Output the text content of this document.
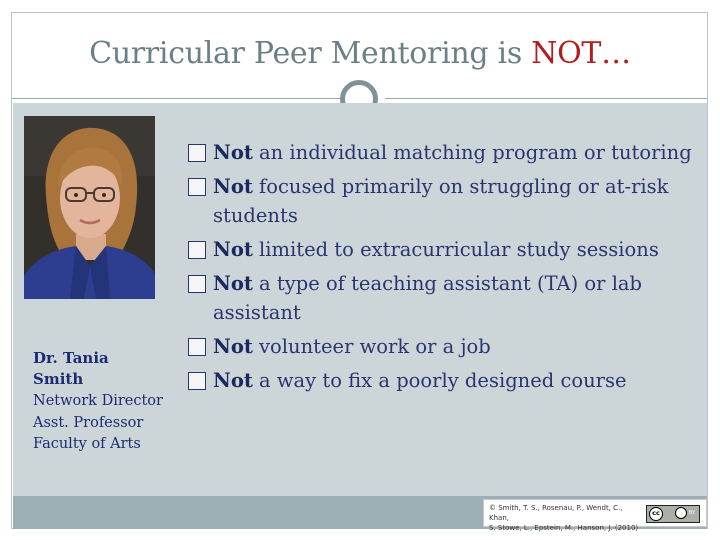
Curricular Peer Mentoring is NOT…
Dr. Tania Smith
Network Director Asst. Professor Faculty of Arts
Not an individual matching program or tutoring
Not focused primarily on struggling or at-risk students
Not limited to extracurricular study sessions
Not a type of teaching assistant (TA) or lab assistant
Not volunteer work or a job
Not a way to fix a poorly designed course
© Smith, T. S., Rosenau, P., Wendt, C., Khan,
S. Stowe, L., Epstein, M., Hanson, J. (2010)
cc	BY
